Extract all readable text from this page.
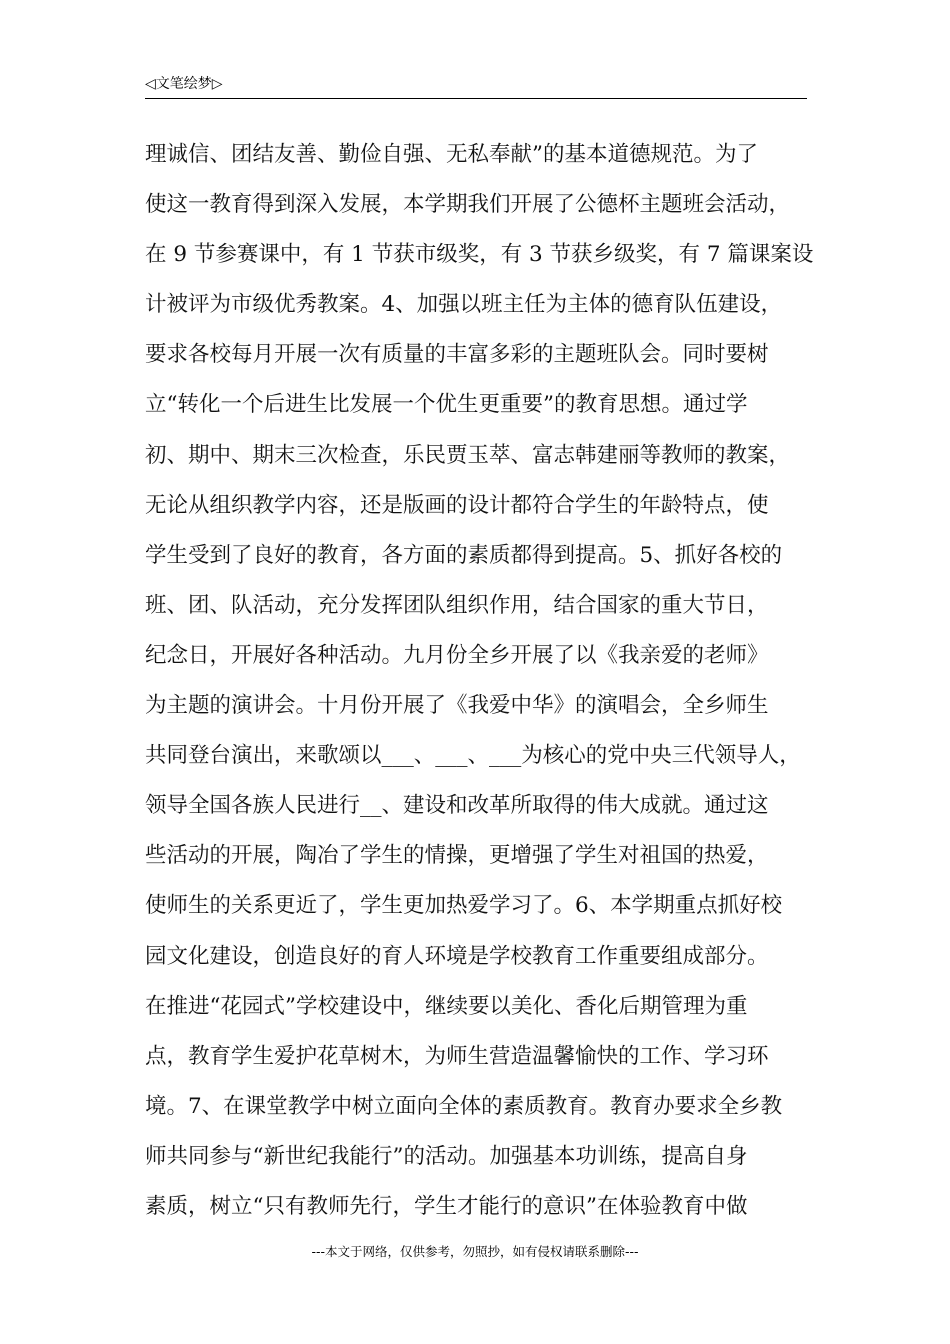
◁文笔绘梦▷
理诚信、团结友善、勤俭自强、无私奉献”的基本道德规范。为了
使这一教育得到深入发展，本学期我们开展了公德杯主题班会活动，
在 9 节参赛课中，有 1 节获市级奖，有 3 节获乡级奖，有 7 篇课案设
计被评为市级优秀教案。4、加强以班主任为主体的德育队伍建设，
要求各校每月开展一次有质量的丰富多彩的主题班队会。同时要树
立“转化一个后进生比发展一个优生更重要”的教育思想。通过学
初、期中、期末三次检查，乐民贾玉萃、富志韩建丽等教师的教案，
无论从组织教学内容，还是版画的设计都符合学生的年龄特点，使
学生受到了良好的教育，各方面的素质都得到提高。5、抓好各校的
班、团、队活动，充分发挥团队组织作用，结合国家的重大节日，
纪念日，开展好各种活动。九月份全乡开展了以《我亲爱的老师》
为主题的演讲会。十月份开展了《我爱中华》的演唱会，全乡师生
共同登台演出，来歌颂以___、___、___为核心的党中央三代领导人，
领导全国各族人民进行__、建设和改革所取得的伟大成就。通过这
些活动的开展，陶冶了学生的情操，更增强了学生对祖国的热爱，
使师生的关系更近了，学生更加热爱学习了。6、本学期重点抓好校
园文化建设，创造良好的育人环境是学校教育工作重要组成部分。
在推进“花园式”学校建设中，继续要以美化、香化后期管理为重
点，教育学生爱护花草树木，为师生营造温馨愉快的工作、学习环
境。7、在课堂教学中树立面向全体的素质教育。教育办要求全乡教
师共同参与“新世纪我能行”的活动。加强基本功训练，提高自身
素质，树立“只有教师先行，学生才能行的意识”在体验教育中做
---本文于网络，仅供参考，勿照抄，如有侵权请联系删除---
